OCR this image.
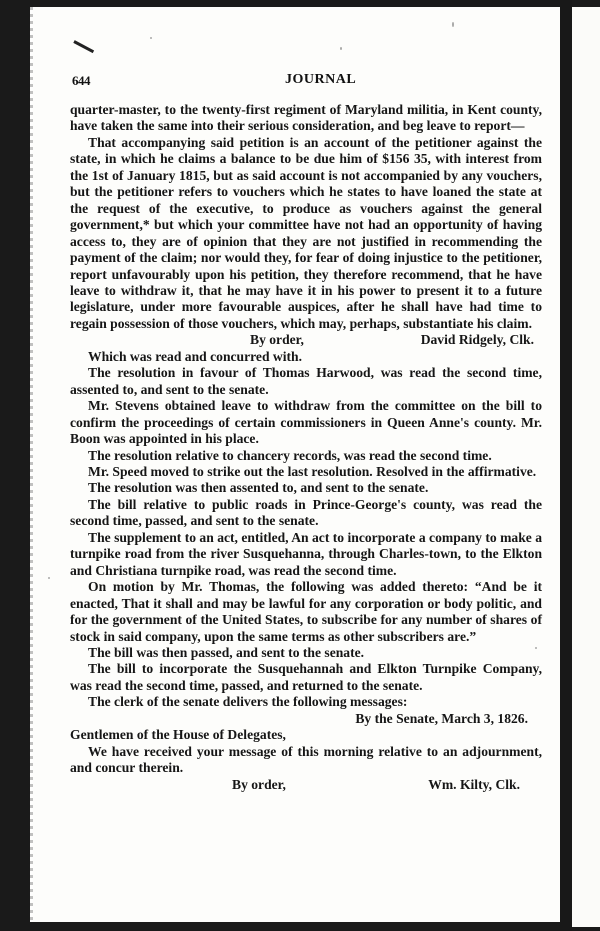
644	JOURNAL

quarter-master, to the twenty-first regiment of Maryland militia, in Kent county, have taken the same into their serious consideration, and beg leave to report—

That accompanying said petition is an account of the petitioner against the state, in which he claims a balance to be due him of $156 35, with interest from the 1st of January 1815, but as said account is not accompanied by any vouchers, but the petitioner refers to vouchers which he states to have loaned the state at the request of the executive, to produce as vouchers against the general government,* but which your committee have not had an opportunity of having access to, they are of opinion that they are not justified in recommending the payment of the claim; nor would they, for fear of doing injustice to the petitioner, report unfavourably upon his petition, they therefore recommend, that he have leave to withdraw it, that he may have it in his power to present it to a future legislature, under more favourable auspices, after he shall have had time to regain possession of those vouchers, which may, perhaps, substantiate his claim.

By order,	David Ridgely, Clk.

Which was read and concurred with.

The resolution in favour of Thomas Harwood, was read the second time, assented to, and sent to the senate.

Mr. Stevens obtained leave to withdraw from the committee on the bill to confirm the proceedings of certain commissioners in Queen Anne's county. Mr. Boon was appointed in his place.

The resolution relative to chancery records, was read the second time.

Mr. Speed moved to strike out the last resolution. Resolved in the affirmative.

The resolution was then assented to, and sent to the senate.

The bill relative to public roads in Prince-George's county, was read the second time, passed, and sent to the senate.

The supplement to an act, entitled, An act to incorporate a company to make a turnpike road from the river Susquehanna, through Charles-town, to the Elkton and Christiana turnpike road, was read the second time.

On motion by Mr. Thomas, the following was added thereto: “And be it enacted, That it shall and may be lawful for any corporation or body politic, and for the government of the United States, to subscribe for any number of shares of stock in said company, upon the same terms as other subscribers are.”

The bill was then passed, and sent to the senate.

The bill to incorporate the Susquehannah and Elkton Turnpike Company, was read the second time, passed, and returned to the senate.

The clerk of the senate delivers the following messages:

By the Senate, March 3, 1826.

Gentlemen of the House of Delegates,

We have received your message of this morning relative to an adjournment, and concur therein.

By order,	Wm. Kilty, Clk.
